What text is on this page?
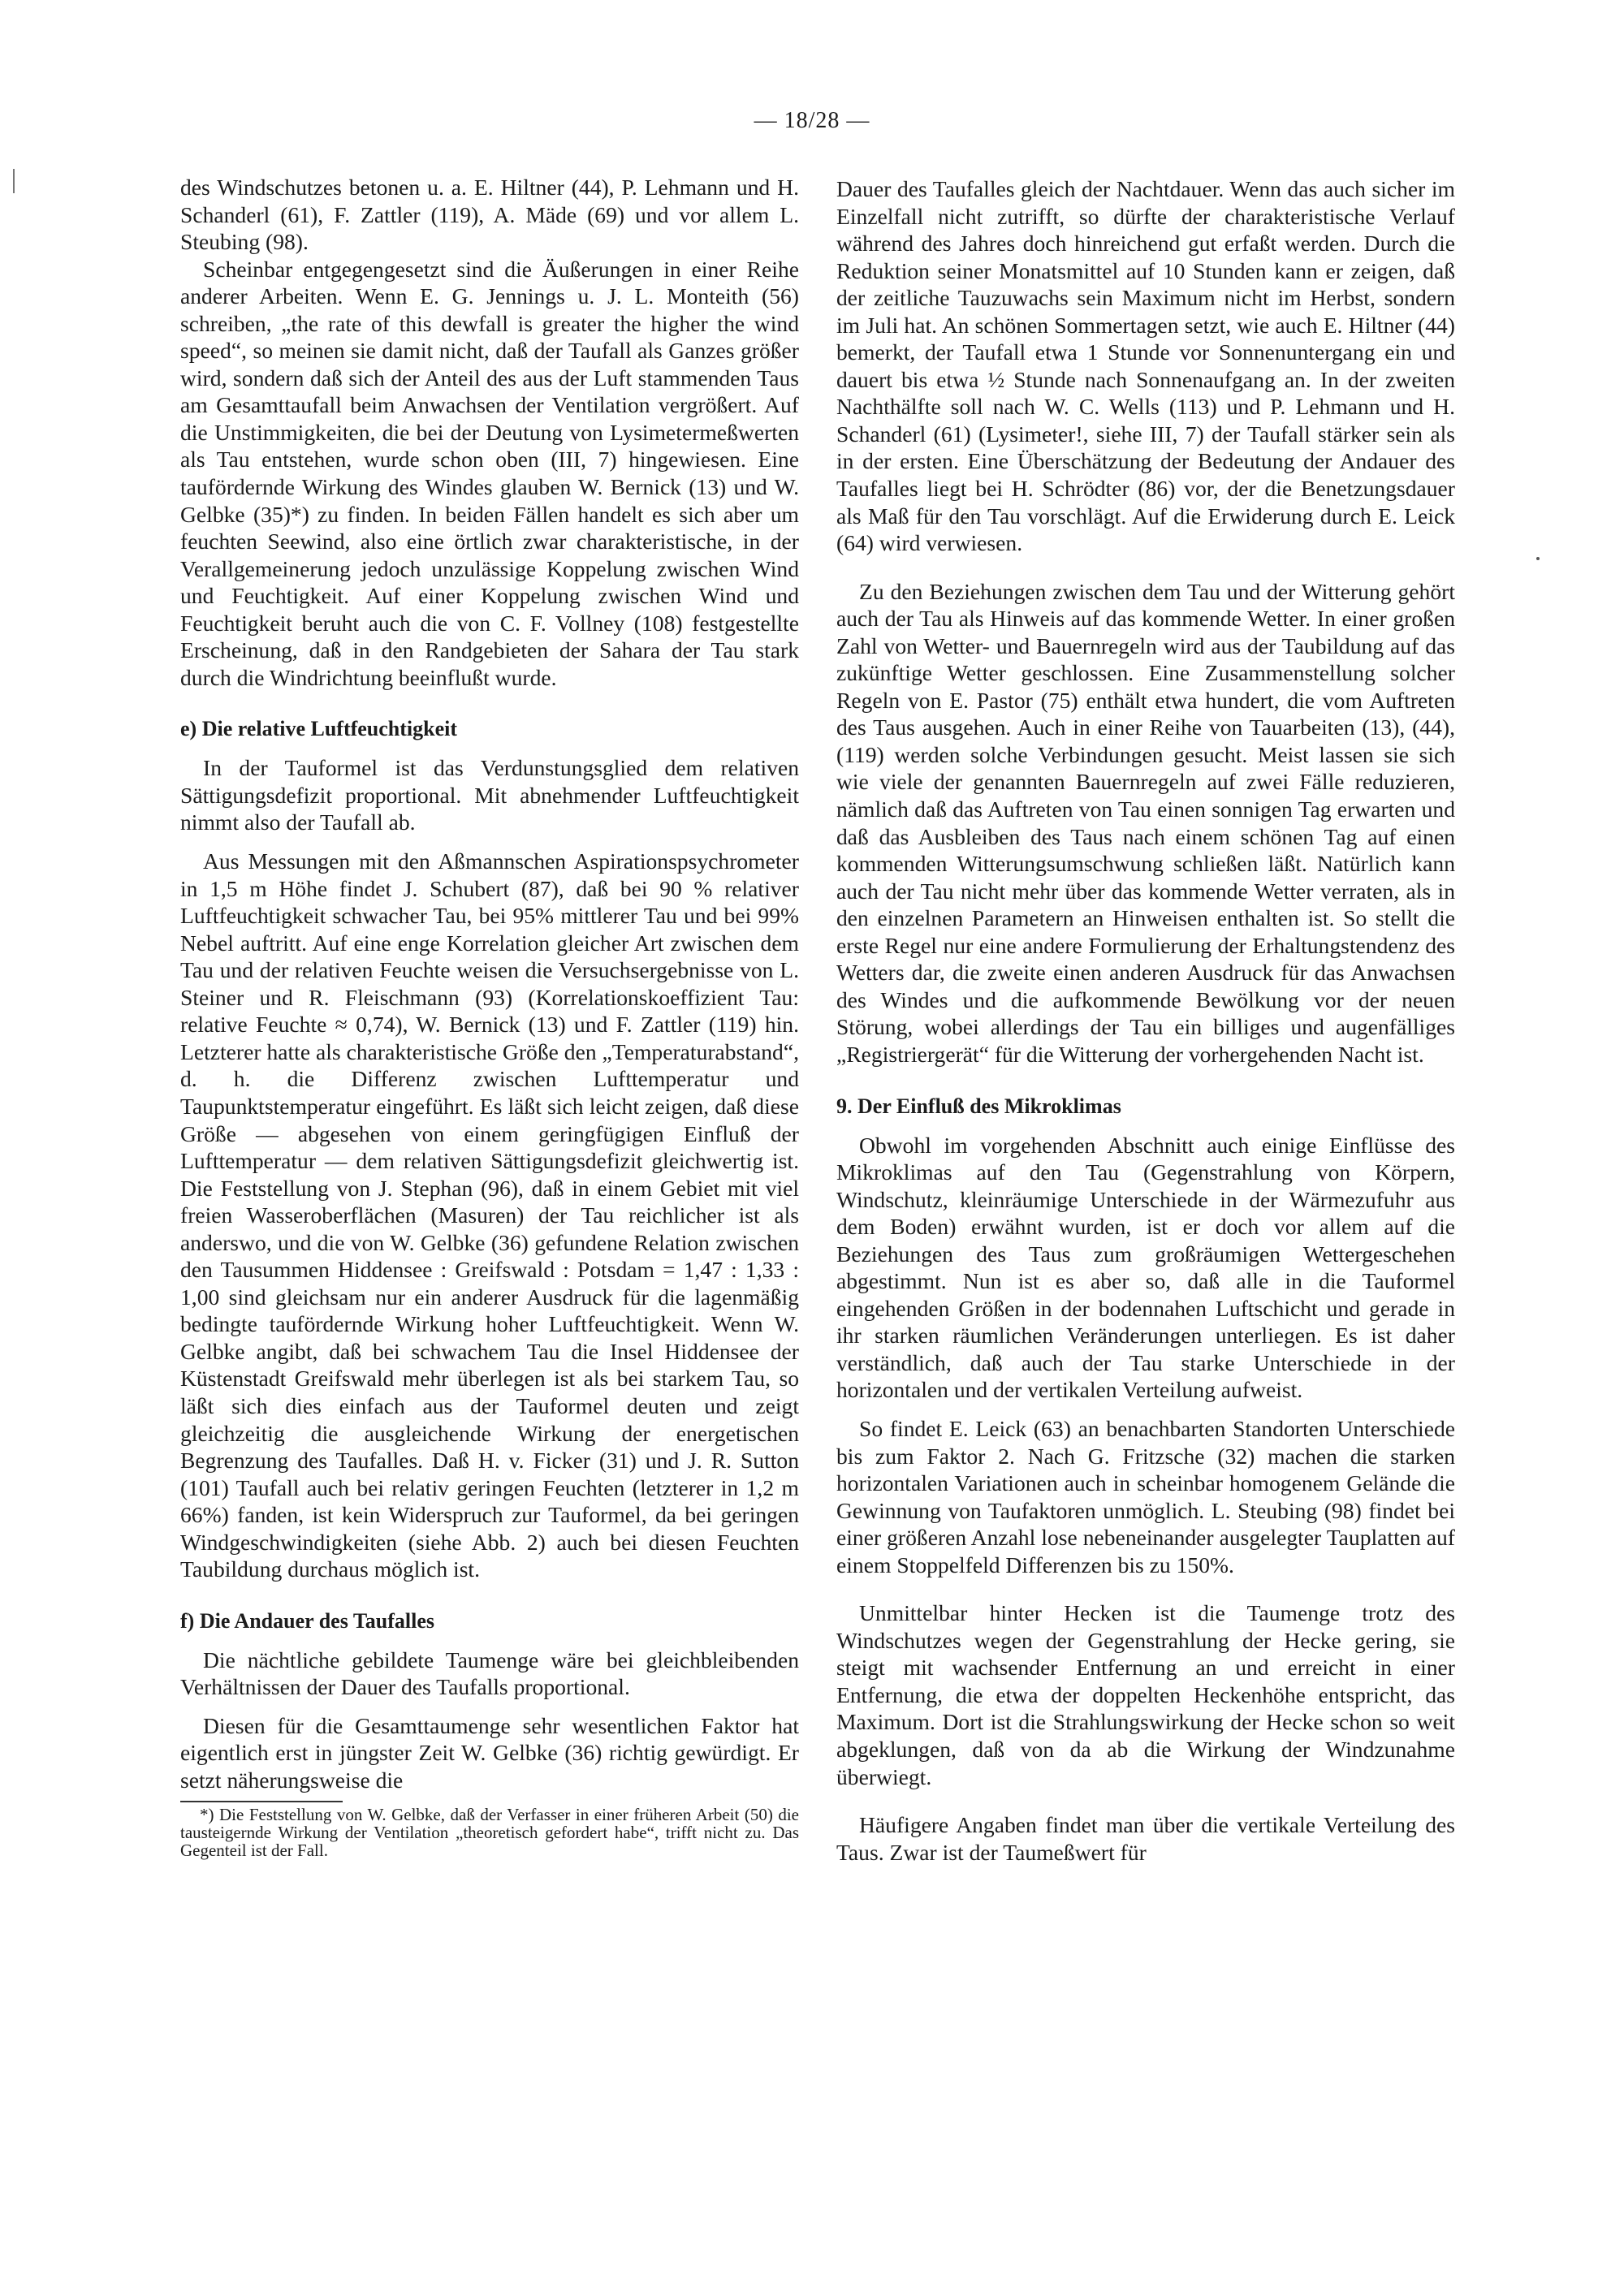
— 18/28 —

des Windschutzes betonen u. a. E. Hiltner (44), P. Lehmann und H. Schanderl (61), F. Zattler (119), A. Mäde (69) und vor allem L. Steubing (98).

Scheinbar entgegengesetzt sind die Äußerungen in einer Reihe anderer Arbeiten. Wenn E. G. Jennings u. J. L. Monteith (56) schreiben, „the rate of this dewfall is greater the higher the wind speed“, so meinen sie damit nicht, daß der Taufall als Ganzes größer wird, sondern daß sich der Anteil des aus der Luft stammenden Taus am Gesamttaufall beim Anwachsen der Ventilation vergrößert. Auf die Unstimmigkeiten, die bei der Deutung von Lysimetermeßwerten als Tau entstehen, wurde schon oben (III, 7) hingewiesen. Eine taufördernde Wirkung des Windes glauben W. Bernick (13) und W. Gelbke (35)*) zu finden. In beiden Fällen handelt es sich aber um feuchten Seewind, also eine örtlich zwar charakteristische, in der Verallgemeinerung jedoch unzulässige Koppelung zwischen Wind und Feuchtigkeit. Auf einer Koppelung zwischen Wind und Feuchtigkeit beruht auch die von C. F. Vollney (108) festgestellte Erscheinung, daß in den Randgebieten der Sahara der Tau stark durch die Windrichtung beeinflußt wurde.

e) Die relative Luftfeuchtigkeit

In der Tauformel ist das Verdunstungsglied dem relativen Sättigungsdefizit proportional. Mit abnehmender Luftfeuchtigkeit nimmt also der Taufall ab.

Aus Messungen mit den Aßmannschen Aspirationspsychrometer in 1,5 m Höhe findet J. Schubert (87), daß bei 90 % relativer Luftfeuchtigkeit schwacher Tau, bei 95% mittlerer Tau und bei 99% Nebel auftritt. Auf eine enge Korrelation gleicher Art zwischen dem Tau und der relativen Feuchte weisen die Versuchsergebnisse von L. Steiner und R. Fleischmann (93) (Korrelationskoeffizient Tau: relative Feuchte ≈ 0,74), W. Bernick (13) und F. Zattler (119) hin. Letzterer hatte als charakteristische Größe den „Temperaturabstand“, d. h. die Differenz zwischen Lufttemperatur und Taupunktstemperatur eingeführt. Es läßt sich leicht zeigen, daß diese Größe — abgesehen von einem geringfügigen Einfluß der Lufttemperatur — dem relativen Sättigungsdefizit gleichwertig ist. Die Feststellung von J. Stephan (96), daß in einem Gebiet mit viel freien Wasseroberflächen (Masuren) der Tau reichlicher ist als anderswo, und die von W. Gelbke (36) gefundene Relation zwischen den Tausummen Hiddensee : Greifswald : Potsdam = 1,47 : 1,33 : 1,00 sind gleichsam nur ein anderer Ausdruck für die lagenmäßig bedingte taufördernde Wirkung hoher Luftfeuchtigkeit. Wenn W. Gelbke angibt, daß bei schwachem Tau die Insel Hiddensee der Küstenstadt Greifswald mehr überlegen ist als bei starkem Tau, so läßt sich dies einfach aus der Tauformel deuten und zeigt gleichzeitig die ausgleichende Wirkung der energetischen Begrenzung des Taufalles. Daß H. v. Ficker (31) und J. R. Sutton (101) Taufall auch bei relativ geringen Feuchten (letzterer in 1,2 m 66%) fanden, ist kein Widerspruch zur Tauformel, da bei geringen Windgeschwindigkeiten (siehe Abb. 2) auch bei diesen Feuchten Taubildung durchaus möglich ist.

f) Die Andauer des Taufalles

Die nächtliche gebildete Taumenge wäre bei gleichbleibenden Verhältnissen der Dauer des Taufalls proportional.

Diesen für die Gesamttaumenge sehr wesentlichen Faktor hat eigentlich erst in jüngster Zeit W. Gelbke (36) richtig gewürdigt. Er setzt näherungsweise die

*) Die Feststellung von W. Gelbke, daß der Verfasser in einer früheren Arbeit (50) die tausteigernde Wirkung der Ventilation „theoretisch gefordert habe“, trifft nicht zu. Das Gegenteil ist der Fall.

Dauer des Taufalles gleich der Nachtdauer. Wenn das auch sicher im Einzelfall nicht zutrifft, so dürfte der charakteristische Verlauf während des Jahres doch hinreichend gut erfaßt werden. Durch die Reduktion seiner Monatsmittel auf 10 Stunden kann er zeigen, daß der zeitliche Tauzuwachs sein Maximum nicht im Herbst, sondern im Juli hat. An schönen Sommertagen setzt, wie auch E. Hiltner (44) bemerkt, der Taufall etwa 1 Stunde vor Sonnenuntergang ein und dauert bis etwa ½ Stunde nach Sonnenaufgang an. In der zweiten Nachthälfte soll nach W. C. Wells (113) und P. Lehmann und H. Schanderl (61) (Lysimeter!, siehe III, 7) der Taufall stärker sein als in der ersten. Eine Überschätzung der Bedeutung der Andauer des Taufalles liegt bei H. Schrödter (86) vor, der die Benetzungsdauer als Maß für den Tau vorschlägt. Auf die Erwiderung durch E. Leick (64) wird verwiesen.

Zu den Beziehungen zwischen dem Tau und der Witterung gehört auch der Tau als Hinweis auf das kommende Wetter. In einer großen Zahl von Wetter- und Bauernregeln wird aus der Taubildung auf das zukünftige Wetter geschlossen. Eine Zusammenstellung solcher Regeln von E. Pastor (75) enthält etwa hundert, die vom Auftreten des Taus ausgehen. Auch in einer Reihe von Tauarbeiten (13), (44), (119) werden solche Verbindungen gesucht. Meist lassen sie sich wie viele der genannten Bauernregeln auf zwei Fälle reduzieren, nämlich daß das Auftreten von Tau einen sonnigen Tag erwarten und daß das Ausbleiben des Taus nach einem schönen Tag auf einen kommenden Witterungsumschwung schließen läßt. Natürlich kann auch der Tau nicht mehr über das kommende Wetter verraten, als in den einzelnen Parametern an Hinweisen enthalten ist. So stellt die erste Regel nur eine andere Formulierung der Erhaltungstendenz des Wetters dar, die zweite einen anderen Ausdruck für das Anwachsen des Windes und die aufkommende Bewölkung vor der neuen Störung, wobei allerdings der Tau ein billiges und augenfälliges „Registriergerät“ für die Witterung der vorhergehenden Nacht ist.

9. Der Einfluß des Mikroklimas

Obwohl im vorgehenden Abschnitt auch einige Einflüsse des Mikroklimas auf den Tau (Gegenstrahlung von Körpern, Windschutz, kleinräumige Unterschiede in der Wärmezufuhr aus dem Boden) erwähnt wurden, ist er doch vor allem auf die Beziehungen des Taus zum großräumigen Wettergeschehen abgestimmt. Nun ist es aber so, daß alle in die Tauformel eingehenden Größen in der bodennahen Luftschicht und gerade in ihr starken räumlichen Veränderungen unterliegen. Es ist daher verständlich, daß auch der Tau starke Unterschiede in der horizontalen und der vertikalen Verteilung aufweist.

So findet E. Leick (63) an benachbarten Standorten Unterschiede bis zum Faktor 2. Nach G. Fritzsche (32) machen die starken horizontalen Variationen auch in scheinbar homogenem Gelände die Gewinnung von Taufaktoren unmöglich. L. Steubing (98) findet bei einer größeren Anzahl lose nebeneinander ausgelegter Tauplatten auf einem Stoppelfeld Differenzen bis zu 150%.

Unmittelbar hinter Hecken ist die Taumenge trotz des Windschutzes wegen der Gegenstrahlung der Hecke gering, sie steigt mit wachsender Entfernung an und erreicht in einer Entfernung, die etwa der doppelten Heckenhöhe entspricht, das Maximum. Dort ist die Strahlungswirkung der Hecke schon so weit abgeklungen, daß von da ab die Wirkung der Windzunahme überwiegt.

Häufigere Angaben findet man über die vertikale Verteilung des Taus. Zwar ist der Taumeßwert für
